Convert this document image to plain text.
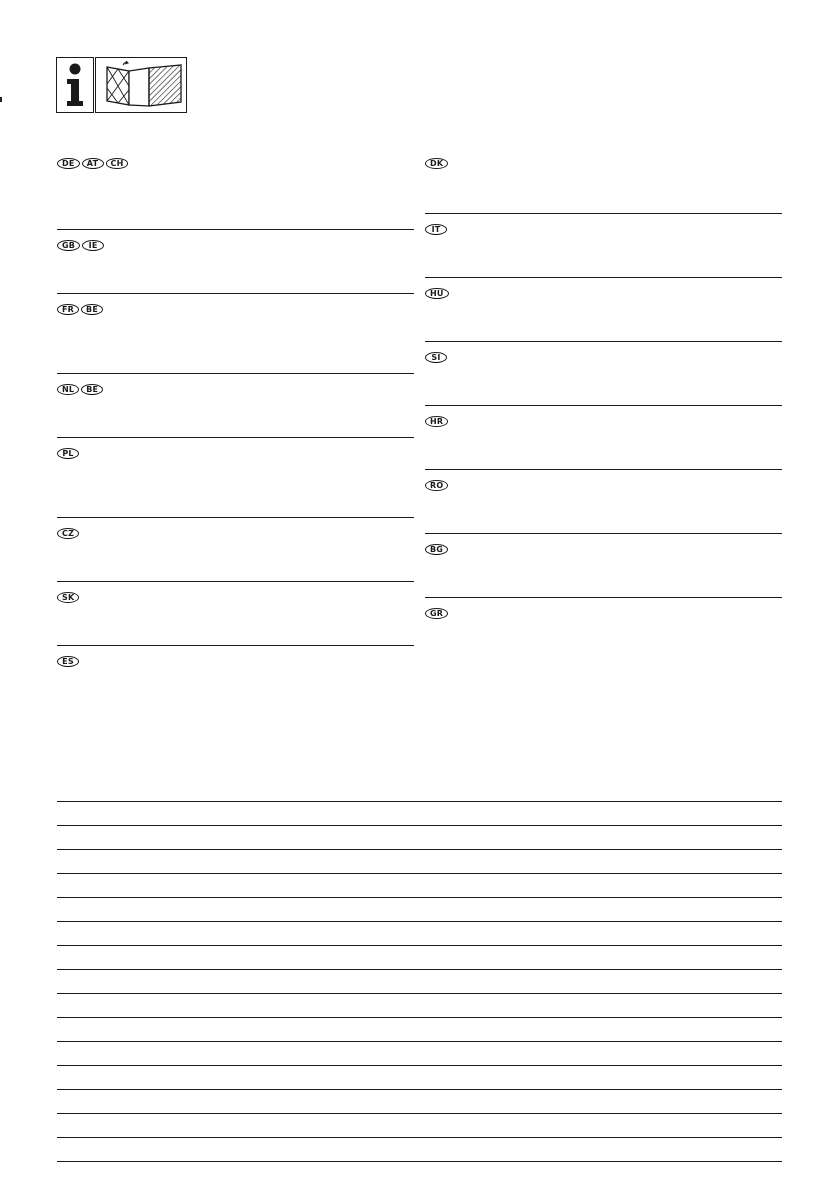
DE	AT	CH
GB	IE
FR	BE
NL	BE
PL
CZ
SK
ES
DK
IT
HU
SI
HR
RO
BG
GR
